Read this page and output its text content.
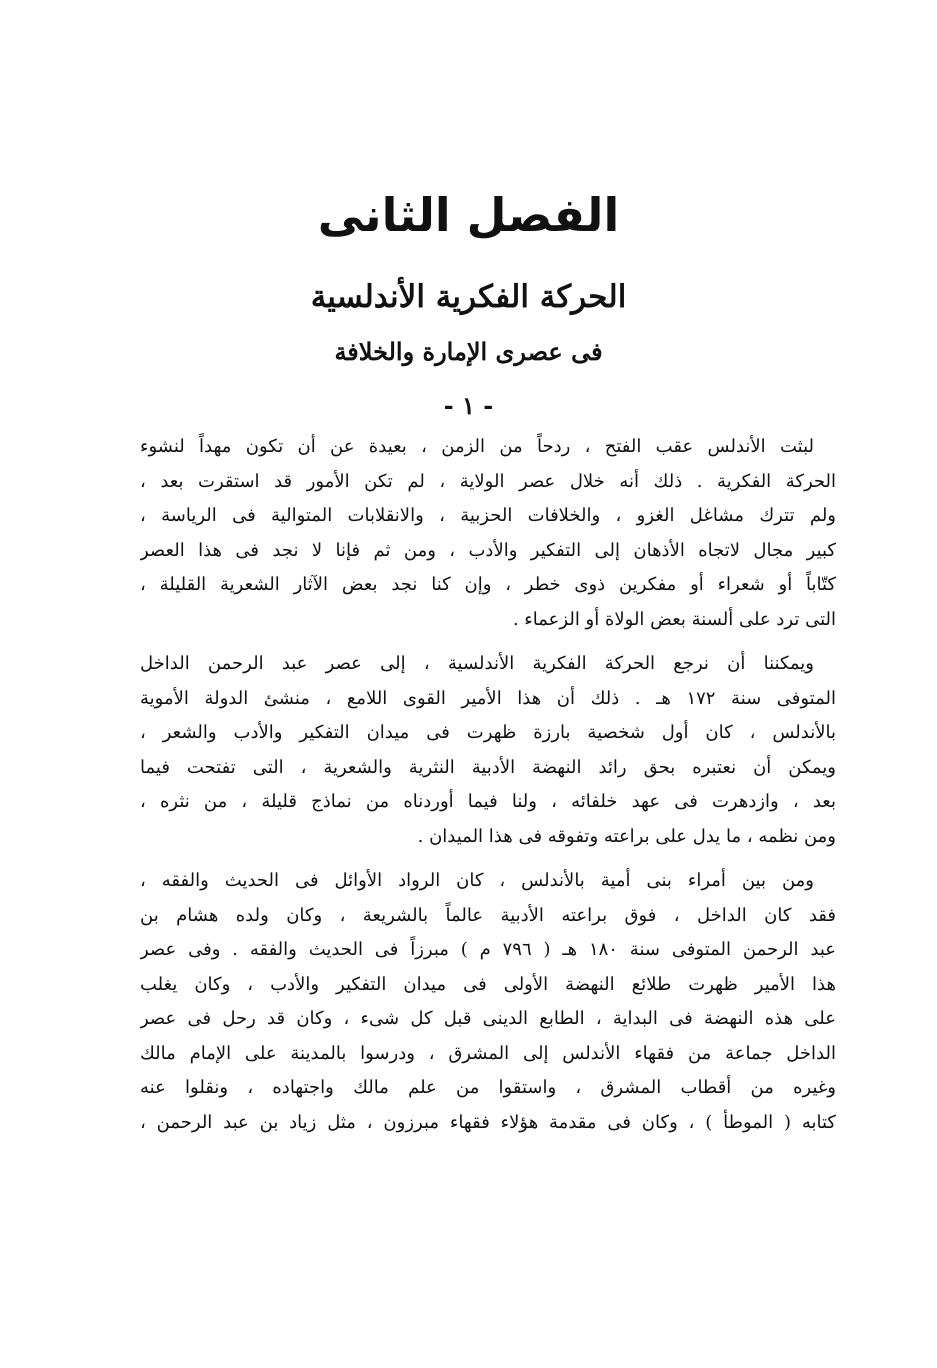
الفصل الثانى
الحركة الفكرية الأندلسية
فى عصرى الإمارة والخلافة
- ١ -
لبثت الأندلس عقب الفتح ، ردحاً من الزمن ، بعيدة عن أن تكون مهداً لنشوء
الحركة الفكرية . ذلك أنه خلال عصر الولاية ، لم تكن الأمور قد استقرت بعد ،
ولم تترك مشاغل الغزو ، والخلافات الحزبية ، والانقلابات المتوالية فى الرياسة ،
كبير مجال لاتجاه الأذهان إلى التفكير والأدب ، ومن ثم فإنا لا نجد فى هذا العصر
كتّاباً أو شعراء أو مفكرين ذوى خطر ، وإن كنا نجد بعض الآثار الشعرية القليلة ،
التى ترد على ألسنة بعض الولاة أو الزعماء .
ويمكننا أن نرجع الحركة الفكرية الأندلسية ، إلى عصر عبد الرحمن الداخل
المتوفى سنة ١٧٢ هـ . ذلك أن هذا الأمير القوى اللامع ، منشئ الدولة الأموية
بالأندلس ، كان أول شخصية بارزة ظهرت فى ميدان التفكير والأدب والشعر ،
ويمكن أن نعتبره بحق رائد النهضة الأدبية النثرية والشعرية ، التى تفتحت فيما
بعد ، وازدهرت فى عهد خلفائه ، ولنا فيما أوردناه من نماذج قليلة ، من نثره ،
ومن نظمه ، ما يدل على براعته وتفوقه فى هذا الميدان .
ومن بين أمراء بنى أمية بالأندلس ، كان الرواد الأوائل فى الحديث والفقه ،
فقد كان الداخل ، فوق براعته الأدبية عالماً بالشريعة ، وكان ولده هشام بن
عبد الرحمن المتوفى سنة ١٨٠ هـ ( ٧٩٦ م ) مبرزاً فى الحديث والفقه . وفى عصر
هذا الأمير ظهرت طلائع النهضة الأولى فى ميدان التفكير والأدب ، وكان يغلب
على هذه النهضة فى البداية ، الطابع الدينى قبل كل شىء ، وكان قد رحل فى عصر
الداخل جماعة من فقهاء الأندلس إلى المشرق ، ودرسوا بالمدينة على الإمام مالك
وغيره من أقطاب المشرق ، واستقوا من علم مالك واجتهاده ، ونقلوا عنه
كتابه ( الموطأ ) ، وكان فى مقدمة هؤلاء فقهاء مبرزون ، مثل زياد بن عبد الرحمن ،
